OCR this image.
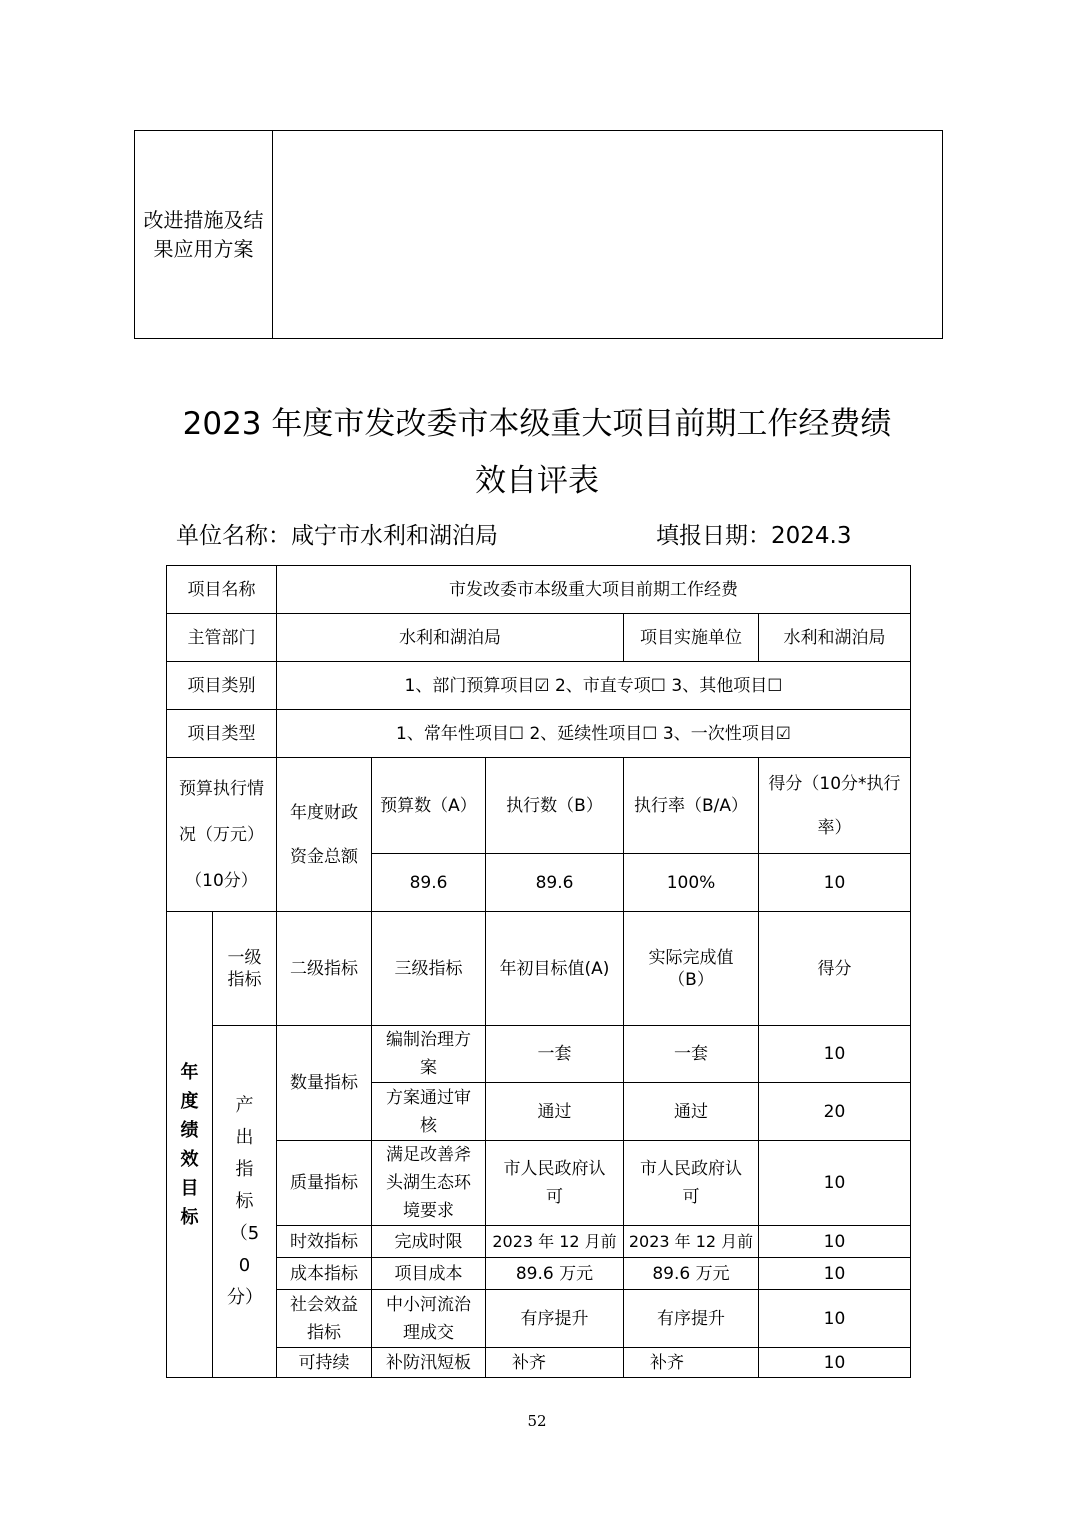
改进措施及结果应用方案	
2023 年度市发改委市本级重大项目前期工作经费绩
效自评表
单位名称：咸宁市水利和湖泊局	填报日期：2024.3
项目名称		市发改委市本级重大项目前期工作经费				
主管部门		水利和湖泊局			项目实施单位	水利和湖泊局
项目类别		1、部门预算项目☑ 2、市直专项☐ 3、其他项目☐				
项目类型		1、常年性项目☐ 2、延续性项目☐ 3、一次性项目☑				
预算执行情况（万元）（10分）		年度财政资金总额	预算数（A）	执行数（B）	执行率（B/A）	得分（10分*执行率）
			89.6	89.6	100%	10
年度绩效目标	一级指标	二级指标	三级指标	年初目标值(A)	实际完成值（B）	得分
	产出指标（50分）	数量指标	编制治理方案	一套	一套	10
			方案通过审核	通过	通过	20
		质量指标	满足改善斧头湖生态环境要求	市人民政府认可	市人民政府认可	10
		时效指标	完成时限	2023 年 12 月前	2023 年 12 月前	10
		成本指标	项目成本	89.6 万元	89.6 万元	10
		社会效益指标	中小河流治理成交	有序提升	有序提升	10
		可持续	补防汛短板	补齐	补齐	10
52
